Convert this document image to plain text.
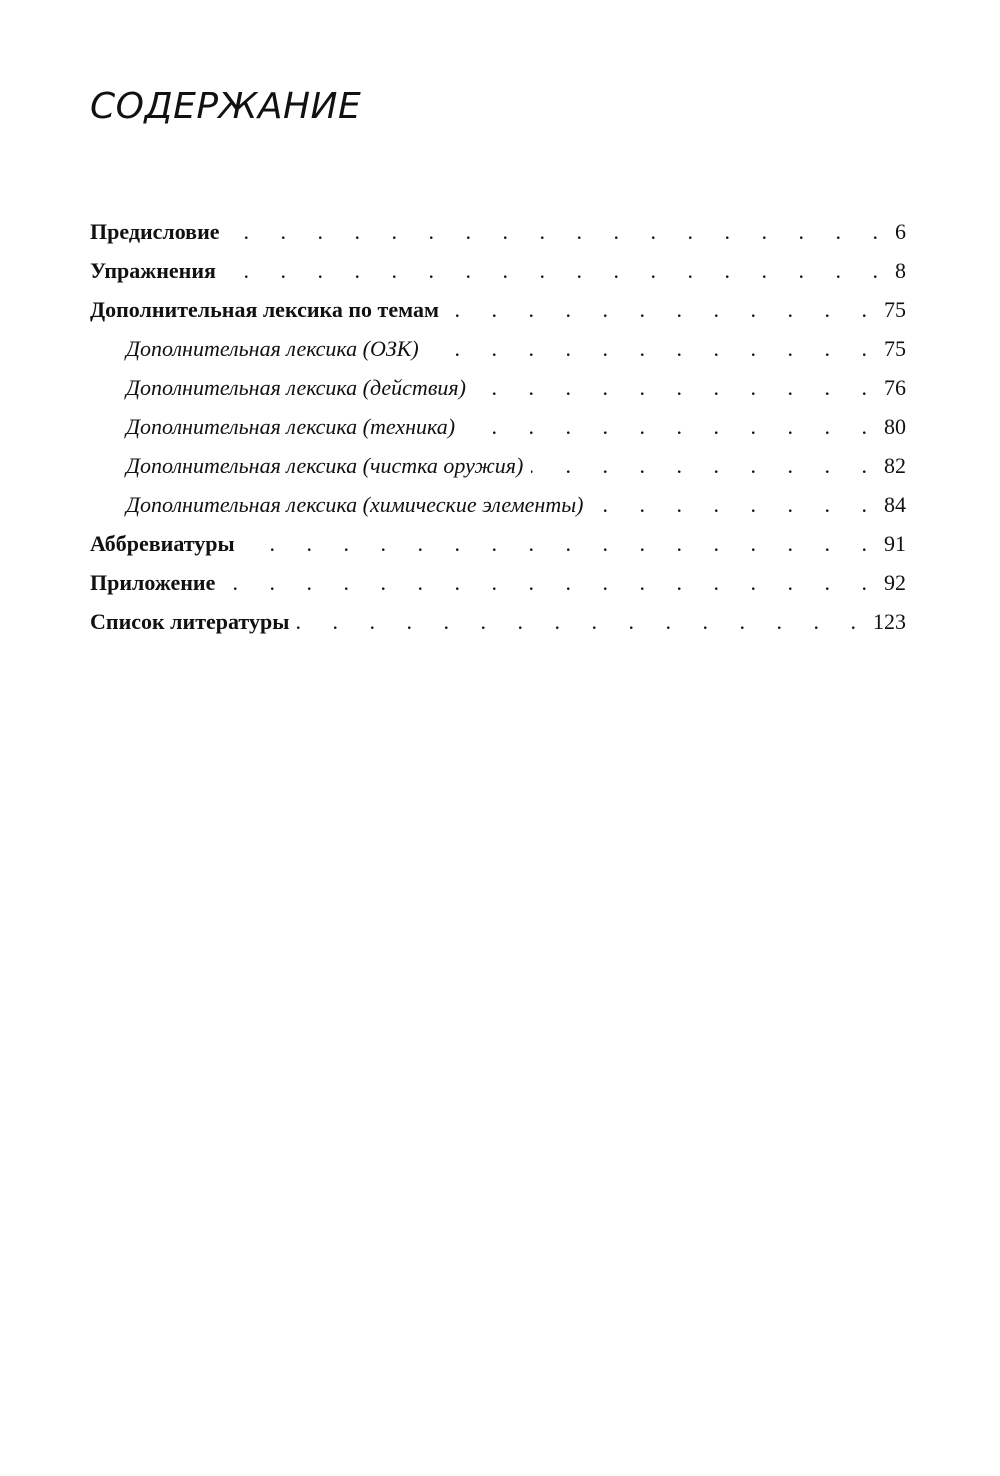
СОДЕРЖАНИЕ
Предисловие . . .	6
Упражнения . . .	8
Дополнительная лексика по темам . . .	75
Дополнительная лексика (ОЗК) . . .	75
Дополнительная лексика (действия) . . .	76
Дополнительная лексика (техника) . . .	80
Дополнительная лексика (чистка оружия) . . .	82
Дополнительная лексика (химические элементы) . . .	84
Аббревиатуры . . .	91
Приложение . . .	92
Список литературы . . .	123
